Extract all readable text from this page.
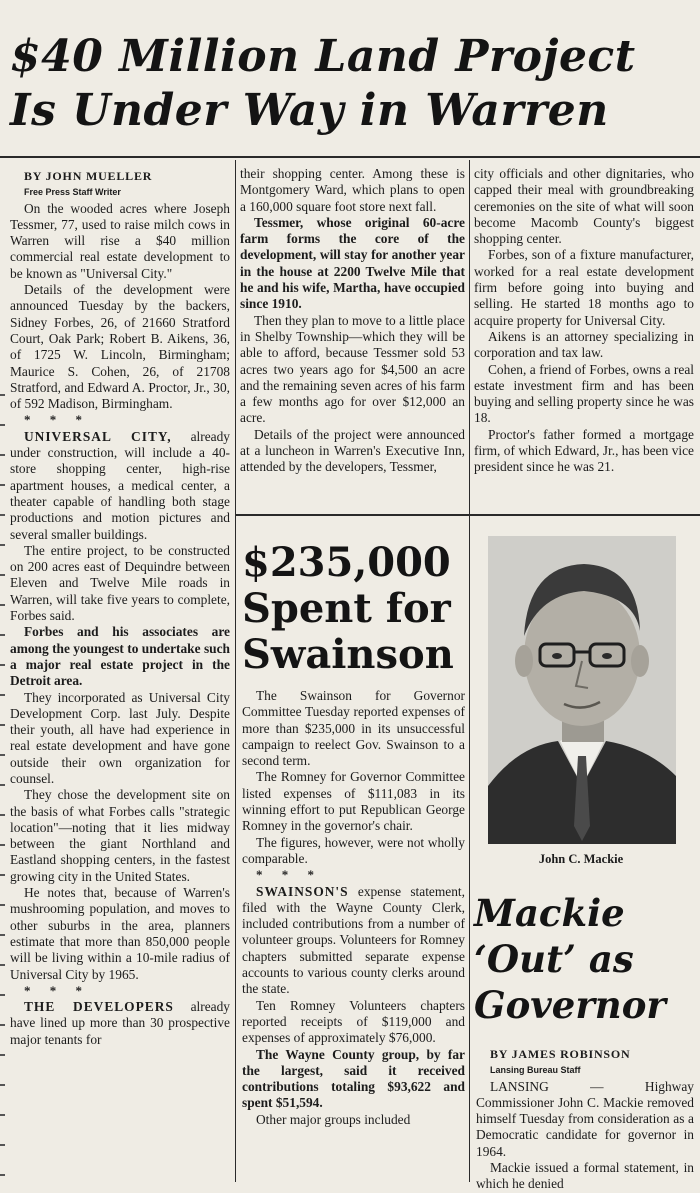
$40 Million Land Project
Is Under Way in Warren

BY JOHN MUELLER

Free Press Staff Writer

On the wooded acres where Joseph Tessmer, 77, used to raise milch cows in Warren will rise a $40 million commercial real estate development to be known as "Universal City."

Details of the development were announced Tuesday by the backers, Sidney Forbes, 26, of 21660 Stratford Court, Oak Park; Robert B. Aikens, 36, of 1725 W. Lincoln, Birmingham; Maurice S. Cohen, 26, of 21708 Stratford, and Edward A. Proctor, Jr., 30, of 592 Madison, Birmingham.

* * *

UNIVERSAL CITY, already under construction, will include a 40-store shopping center, high-rise apartment houses, a medical center, a theater capable of handling both stage productions and motion pictures and several smaller buildings.

The entire project, to be constructed on 200 acres east of Dequindre between Eleven and Twelve Mile roads in Warren, will take five years to complete, Forbes said.

Forbes and his associates are among the youngest to undertake such a major real estate project in the Detroit area.

They incorporated as Universal City Development Corp. last July. Despite their youth, all have had experience in real estate development and have gone outside their own organization for counsel.

They chose the development site on the basis of what Forbes calls "strategic location"—noting that it lies midway between the giant Northland and Eastland shopping centers, in the fastest growing city in the United States.

He notes that, because of Warren's mushrooming population, and moves to other suburbs in the area, planners estimate that more than 850,000 people will be living within a 10-mile radius of Universal City by 1965.

* * *

THE DEVELOPERS already have lined up more than 30 prospective major tenants for

their shopping center. Among these is Montgomery Ward, which plans to open a 160,000 square foot store next fall.

Tessmer, whose original 60-acre farm forms the core of the development, will stay for another year in the house at 2200 Twelve Mile that he and his wife, Martha, have occupied since 1910.

Then they plan to move to a little place in Shelby Township—which they will be able to afford, because Tessmer sold 53 acres two years ago for $4,500 an acre and the remaining seven acres of his farm a few months ago for over $12,000 an acre.

Details of the project were announced at a luncheon in Warren's Executive Inn, attended by the developers, Tessmer,

city officials and other dignitaries, who capped their meal with groundbreaking ceremonies on the site of what will soon become Macomb County's biggest shopping center.

Forbes, son of a fixture manufacturer, worked for a real estate development firm before going into buying and selling. He started 18 months ago to acquire property for Universal City.

Aikens is an attorney specializing in corporation and tax law.

Cohen, a friend of Forbes, owns a real estate investment firm and has been buying and selling property since he was 18.

Proctor's father formed a mortgage firm, of which Edward, Jr., has been vice president since he was 21.

$235,000
Spent for
Swainson

The Swainson for Governor Committee Tuesday reported expenses of more than $235,000 in its unsuccessful campaign to reelect Gov. Swainson to a second term.

The Romney for Governor Committee listed expenses of $111,083 in its winning effort to put Republican George Romney in the governor's chair.

The figures, however, were not wholly comparable.

* * *

SWAINSON'S expense statement, filed with the Wayne County Clerk, included contributions from a number of volunteer groups. Volunteers for Romney chapters submitted separate expense accounts to various county clerks around the state.

Ten Romney Volunteers chapters reported receipts of $119,000 and expenses of approximately $76,000.

The Wayne County group, by far the largest, said it received contributions totaling $93,622 and spent $51,594.

Other major groups included

John C. Mackie
Mackie
‘Out’ as
Governor

BY JAMES ROBINSON

Lansing Bureau Staff

LANSING — Highway Commissioner John C. Mackie removed himself Tuesday from consideration as a Democratic candidate for governor in 1964.

Mackie issued a formal statement, in which he denied
